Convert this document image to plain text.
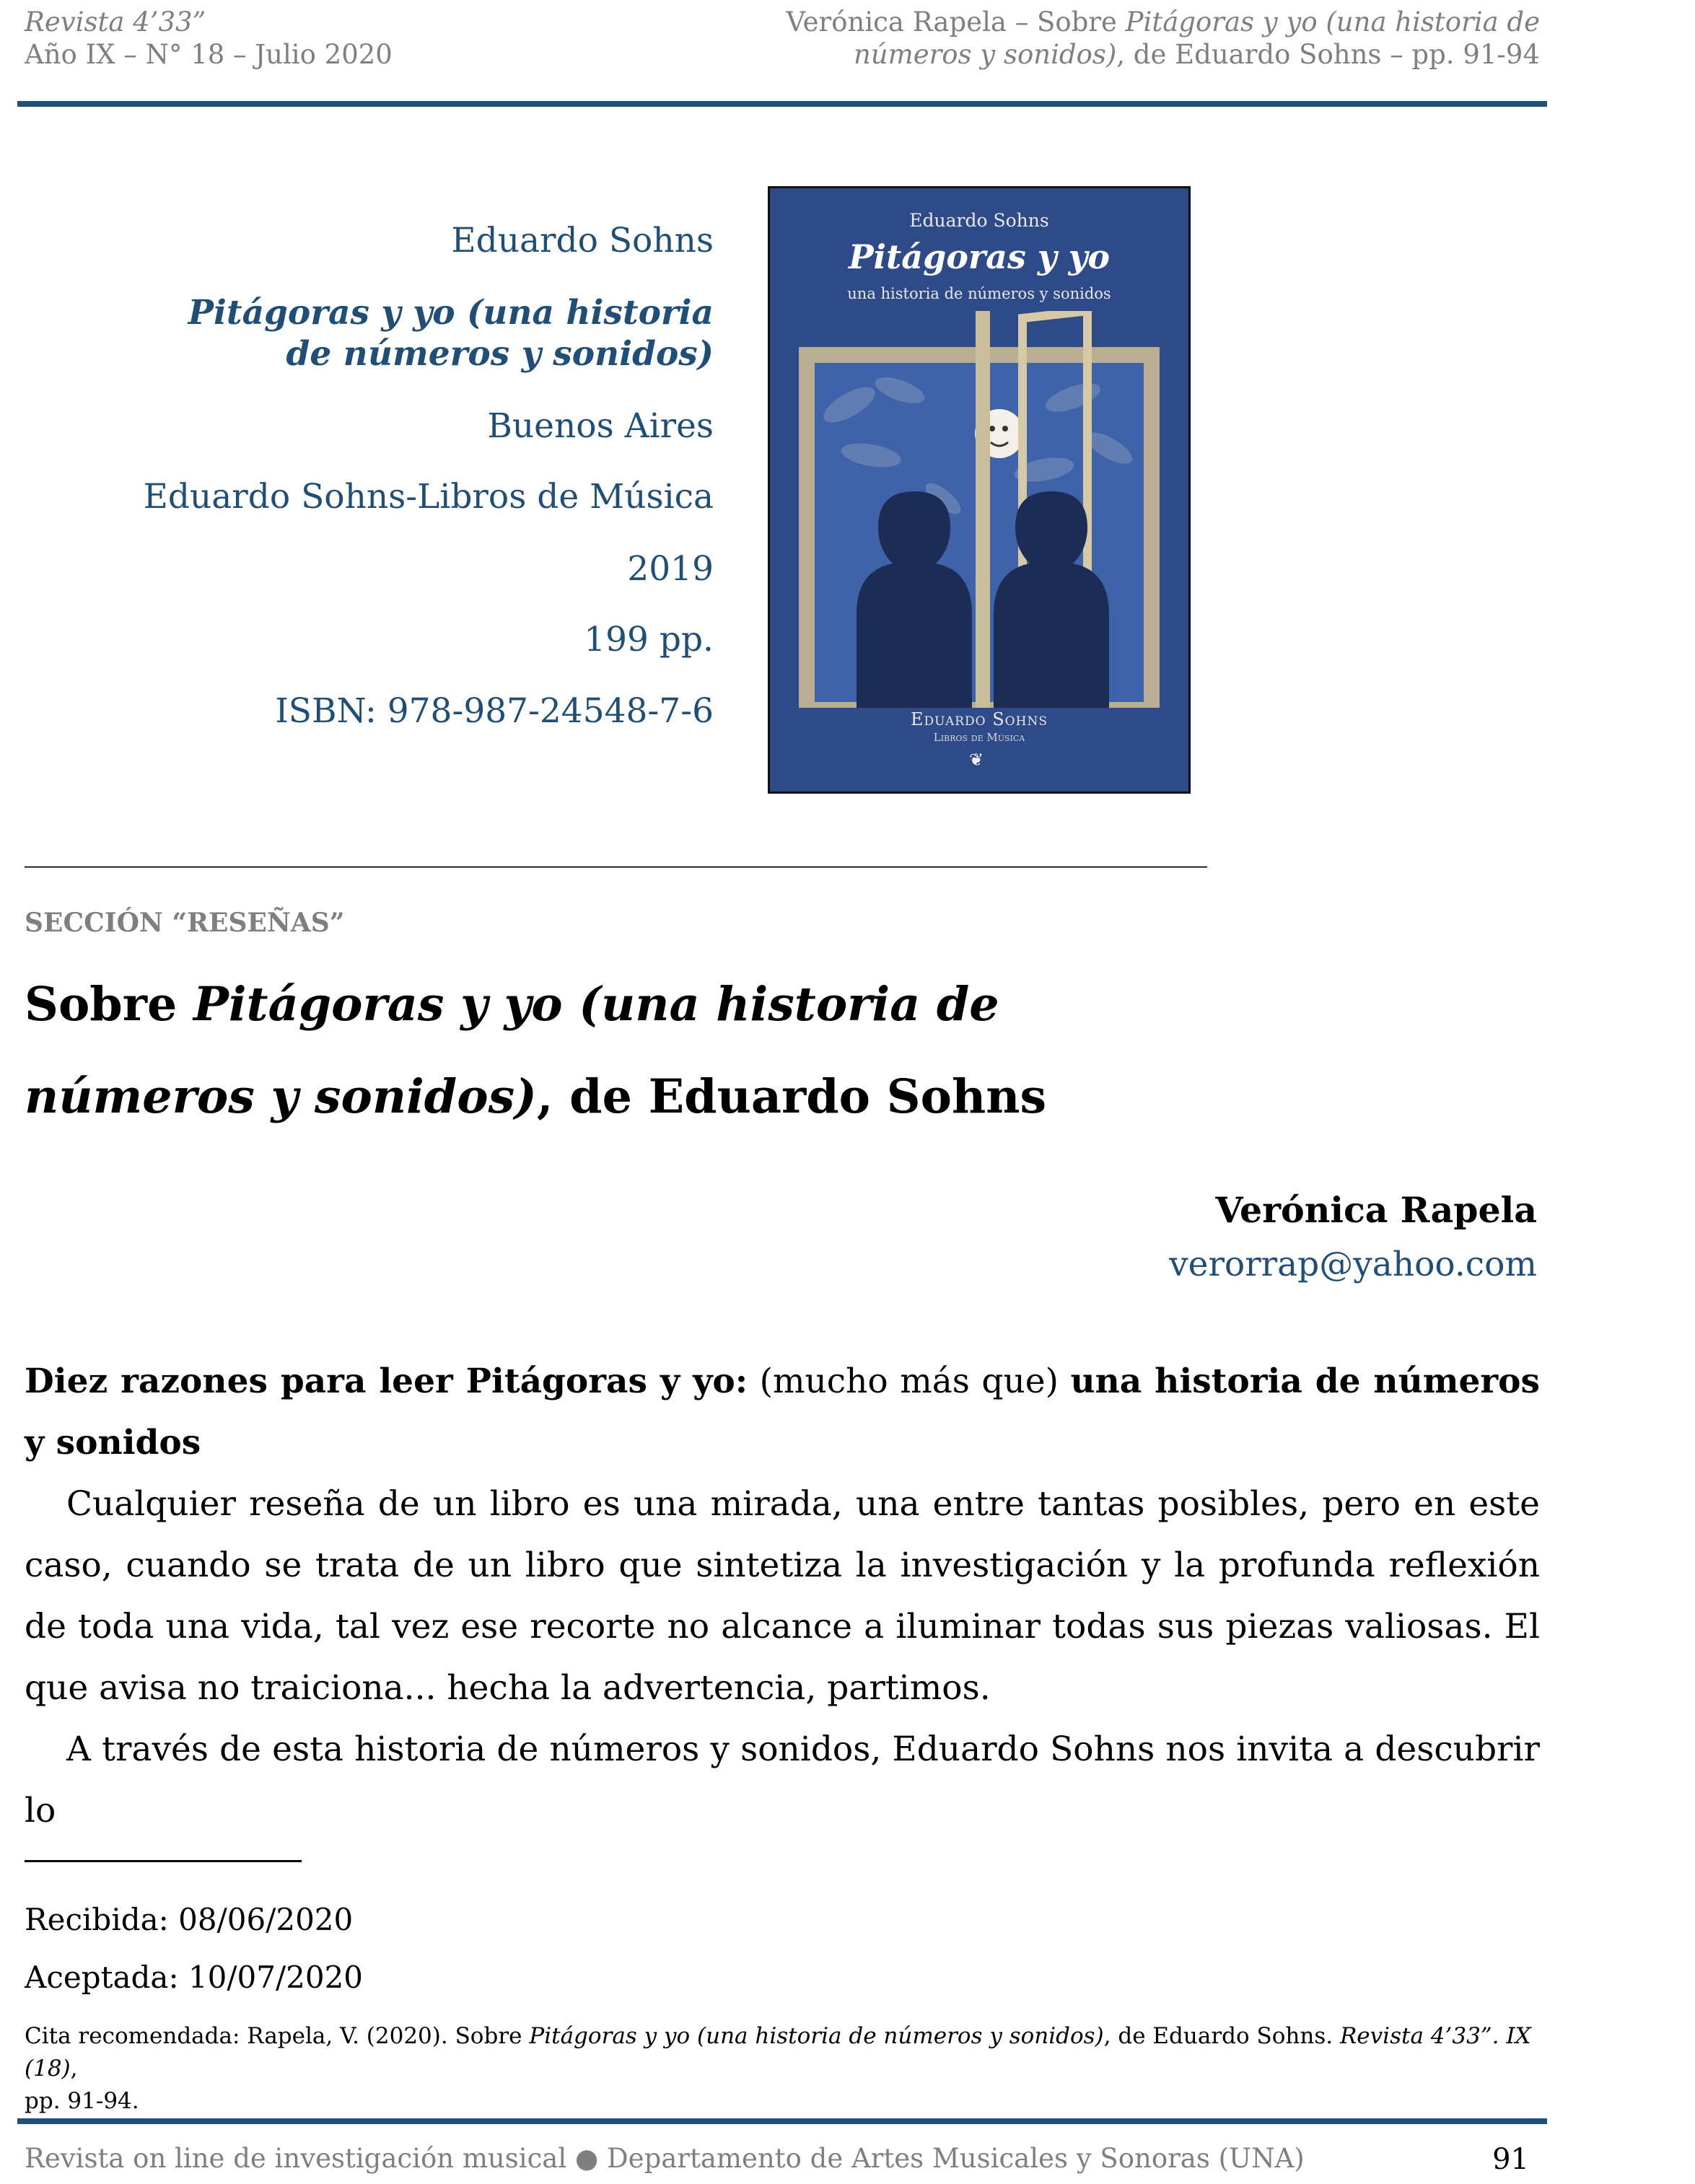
Revista 4’33”
Año IX – N° 18 – Julio 2020
Verónica Rapela – Sobre Pitágoras y yo (una historia de
números y sonidos), de Eduardo Sohns – pp. 91-94
Eduardo Sohns
Pitágoras y yo (una historia
de números y sonidos)
Buenos Aires
Eduardo Sohns-Libros de Música
2019
199 pp.
ISBN: 978-987-24548-7-6
Eduardo Sohns
Pitágoras y yo
una historia de números y sonidos
Eduardo Sohns
Libros de Música
❦
______________________________________________________________________________
SECCIÓN “RESEÑAS”
Sobre Pitágoras y yo (una historia de
números y sonidos), de Eduardo Sohns
Verónica Rapela
verorrap@yahoo.com
Diez razones para leer Pitágoras y yo: (mucho más que) una historia de números y sonidos
Cualquier reseña de un libro es una mirada, una entre tantas posibles, pero en este caso, cuando se trata de un libro que sintetiza la investigación y la profunda reflexión de toda una vida, tal vez ese recorte no alcance a iluminar todas sus piezas valiosas. El que avisa no traiciona... hecha la advertencia, partimos.
A través de esta historia de números y sonidos, Eduardo Sohns nos invita a descubrir lo
Recibida: 08/06/2020
Aceptada: 10/07/2020
Cita recomendada: Rapela, V. (2020). Sobre Pitágoras y yo (una historia de números y sonidos), de Eduardo Sohns. Revista 4’33”. IX (18),
pp. 91-94.
Revista on line de investigación musical ● Departamento de Artes Musicales y Sonoras (UNA)	91
